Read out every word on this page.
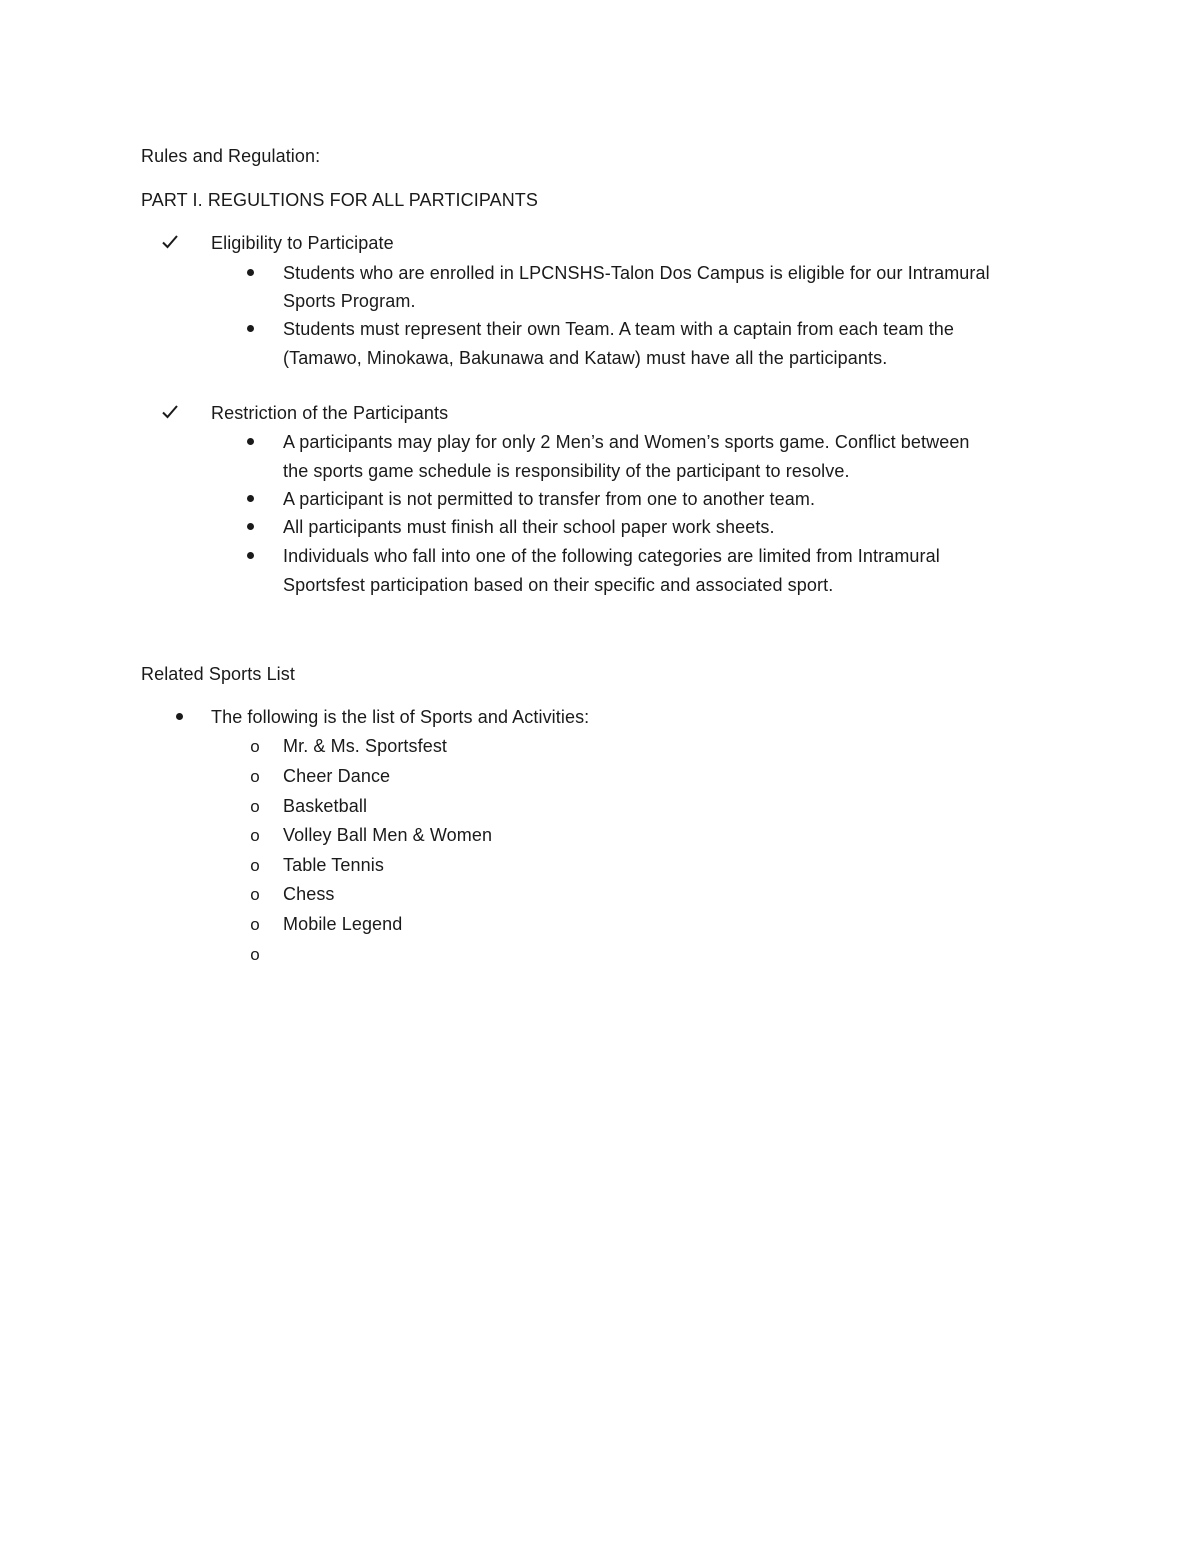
Rules and Regulation:
PART I. REGULTIONS FOR ALL PARTICIPANTS
Eligibility to Participate
Students who are enrolled in LPCNSHS-Talon Dos Campus is eligible for our Intramural
Sports Program.
Students must represent their own Team. A team with a captain from each team the
(Tamawo, Minokawa, Bakunawa and Kataw) must have all the participants.
Restriction of the Participants
A participants may play for only 2 Men’s and Women’s sports game. Conflict between
the sports game schedule is responsibility of the participant to resolve.
A participant is not permitted to transfer from one to another team.
All participants must finish all their school paper work sheets.
Individuals who fall into one of the following categories are limited from Intramural
Sportsfest participation based on their specific and associated sport.
Related Sports List
The following is the list of Sports and Activities:
o Mr. & Ms. Sportsfest
o Cheer Dance
o Basketball
o Volley Ball Men & Women
o Table Tennis
o Chess
o Mobile Legend
o
